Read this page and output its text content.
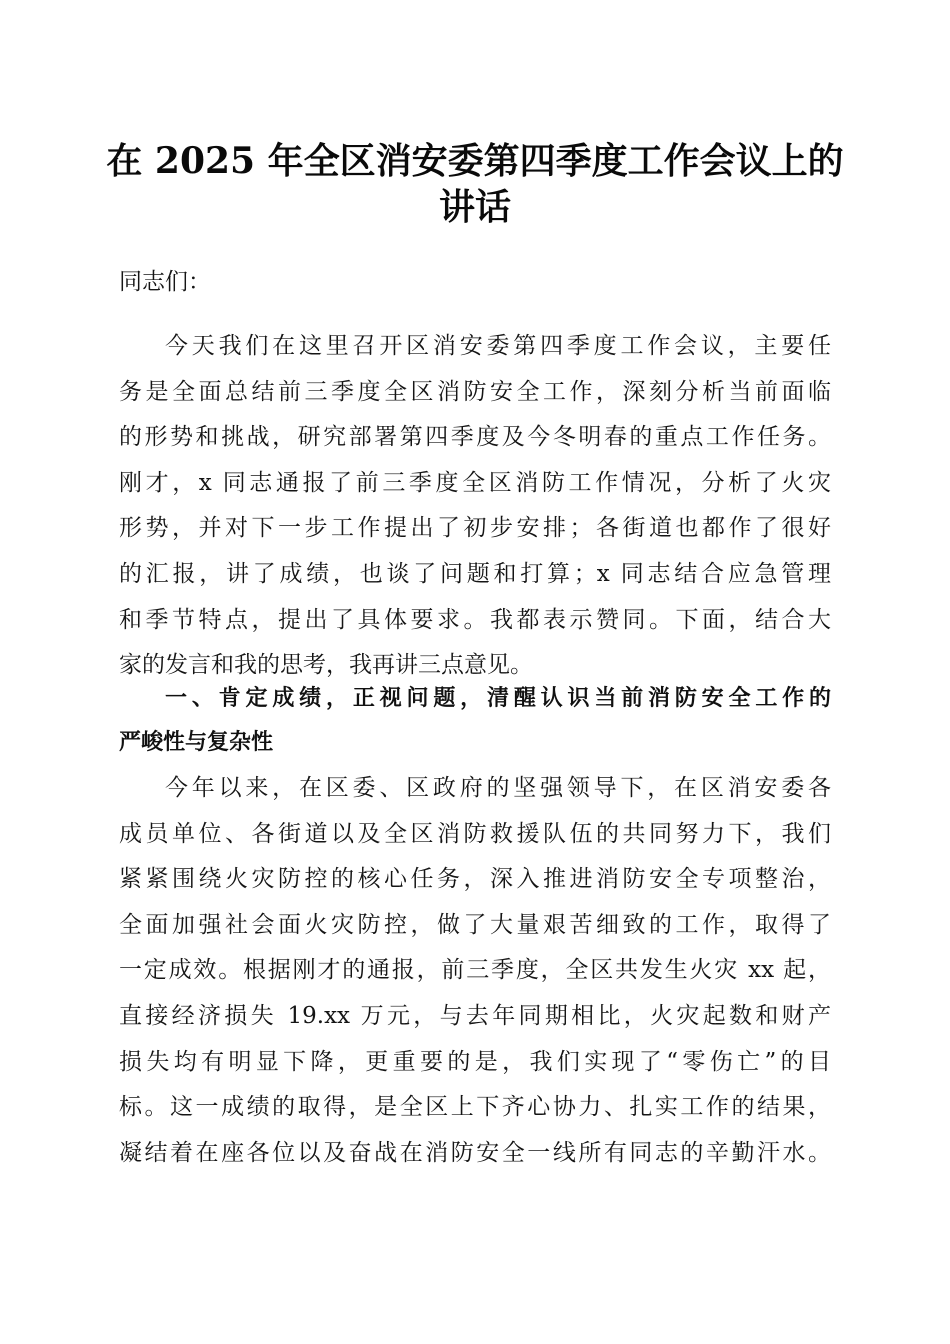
在 2025 年全区消安委第四季度工作会议上的
讲话
同志们：
今天我们在这里召开区消安委第四季度工作会议，主要任
务是全面总结前三季度全区消防安全工作，深刻分析当前面临
的形势和挑战，研究部署第四季度及今冬明春的重点工作任务。
刚才，x 同志通报了前三季度全区消防工作情况，分析了火灾
形势，并对下一步工作提出了初步安排；各街道也都作了很好
的汇报，讲了成绩，也谈了问题和打算；x 同志结合应急管理
和季节特点，提出了具体要求。我都表示赞同。下面，结合大
家的发言和我的思考，我再讲三点意见。
一、肯定成绩，正视问题，清醒认识当前消防安全工作的
严峻性与复杂性
今年以来，在区委、区政府的坚强领导下，在区消安委各
成员单位、各街道以及全区消防救援队伍的共同努力下，我们
紧紧围绕火灾防控的核心任务，深入推进消防安全专项整治，
全面加强社会面火灾防控，做了大量艰苦细致的工作，取得了
一定成效。根据刚才的通报，前三季度，全区共发生火灾 xx 起，
直接经济损失 19.xx 万元，与去年同期相比，火灾起数和财产
损失均有明显下降，更重要的是，我们实现了“零伤亡”的目
标。这一成绩的取得，是全区上下齐心协力、扎实工作的结果，
凝结着在座各位以及奋战在消防安全一线所有同志的辛勤汗水。
